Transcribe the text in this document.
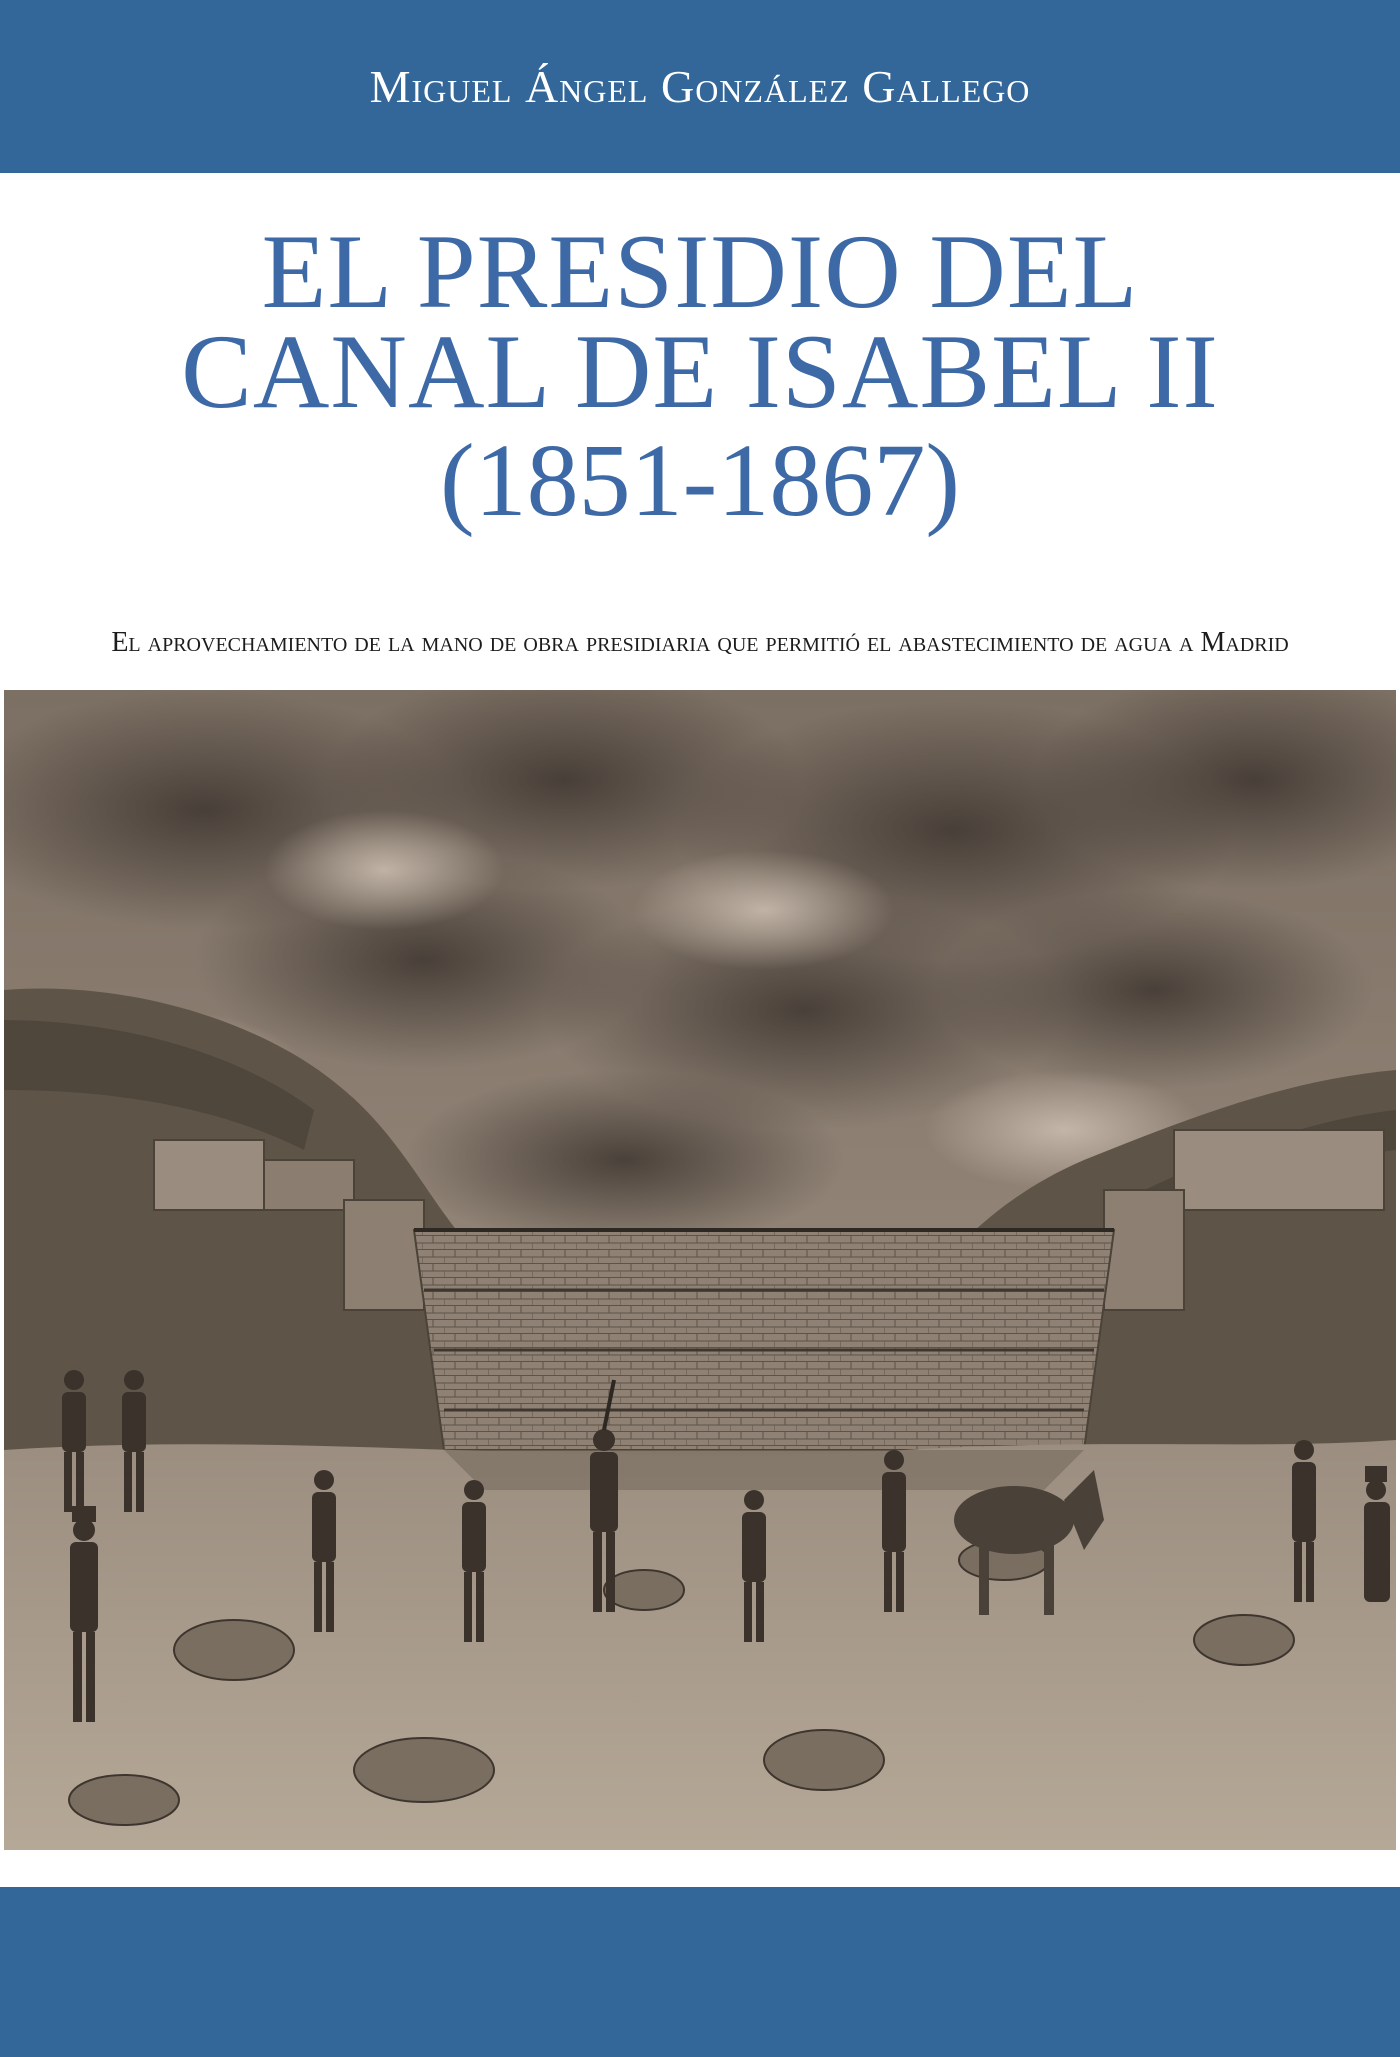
Miguel Ángel González Gallego
EL PRESIDIO DEL
CANAL DE ISABEL II
(1851-1867)
El aprovechamiento de la mano de obra presidiaria que permitió el abastecimiento de agua a Madrid
